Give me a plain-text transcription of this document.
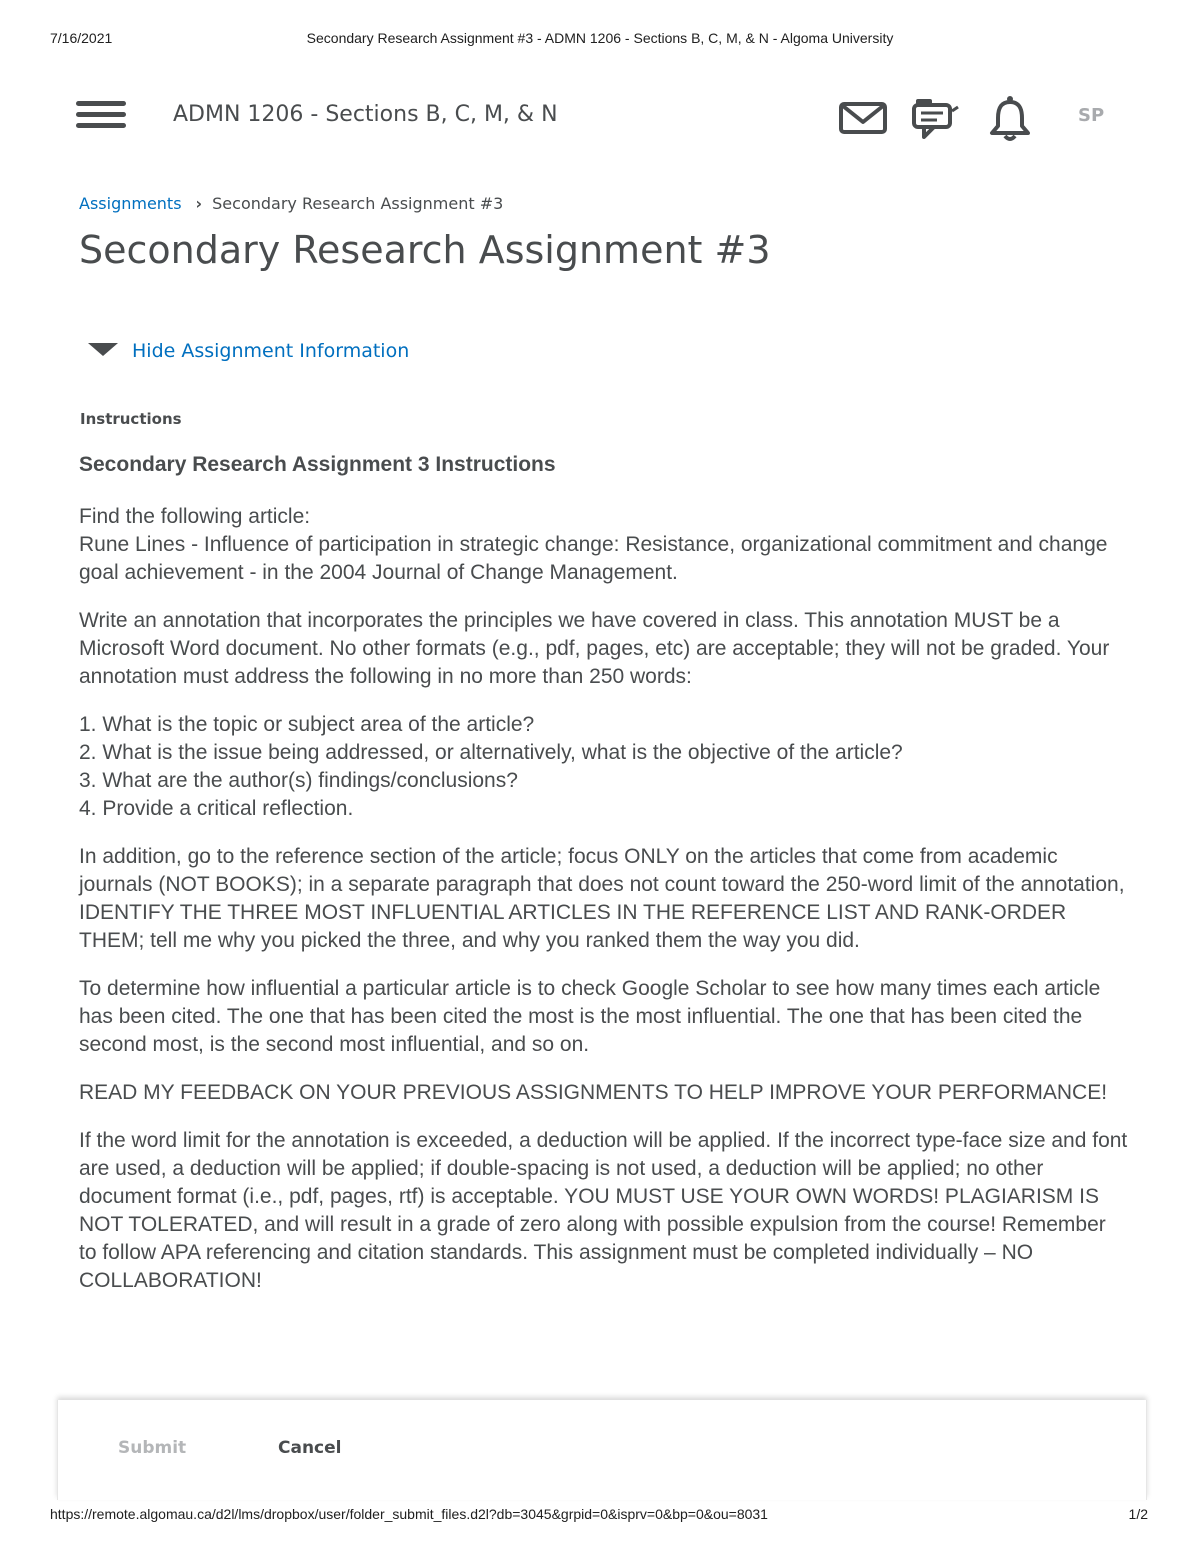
7/16/2021	Secondary Research Assignment #3 - ADMN 1206 - Sections B, C, M, & N - Algoma University
ADMN 1206 - Sections B, C, M, & N	SP
Assignments › Secondary Research Assignment #3
Secondary Research Assignment #3
Hide Assignment Information
Instructions
Secondary Research Assignment 3 Instructions

Find the following article:
Rune Lines - Influence of participation in strategic change: Resistance, organizational commitment and change goal achievement - in the 2004 Journal of Change Management.

Write an annotation that incorporates the principles we have covered in class. This annotation MUST be a Microsoft Word document. No other formats (e.g., pdf, pages, etc) are acceptable; they will not be graded. Your annotation must address the following in no more than 250 words:

1. What is the topic or subject area of the article?
2. What is the issue being addressed, or alternatively, what is the objective of the article?
3. What are the author(s) findings/conclusions?
4. Provide a critical reflection.

In addition, go to the reference section of the article; focus ONLY on the articles that come from academic journals (NOT BOOKS); in a separate paragraph that does not count toward the 250-word limit of the annotation, IDENTIFY THE THREE MOST INFLUENTIAL ARTICLES IN THE REFERENCE LIST AND RANK-ORDER THEM; tell me why you picked the three, and why you ranked them the way you did.

To determine how influential a particular article is to check Google Scholar to see how many times each article has been cited. The one that has been cited the most is the most influential. The one that has been cited the second most, is the second most influential, and so on.

READ MY FEEDBACK ON YOUR PREVIOUS ASSIGNMENTS TO HELP IMPROVE YOUR PERFORMANCE!

If the word limit for the annotation is exceeded, a deduction will be applied. If the incorrect type-face size and font are used, a deduction will be applied; if double-spacing is not used, a deduction will be applied; no other document format (i.e., pdf, pages, rtf) is acceptable. YOU MUST USE YOUR OWN WORDS! PLAGIARISM IS NOT TOLERATED, and will result in a grade of zero along with possible expulsion from the course! Remember to follow APA referencing and citation standards. This assignment must be completed individually – NO COLLABORATION!

Submit	Cancel
https://remote.algomau.ca/d2l/lms/dropbox/user/folder_submit_files.d2l?db=3045&grpid=0&isprv=0&bp=0&ou=8031	1/2
